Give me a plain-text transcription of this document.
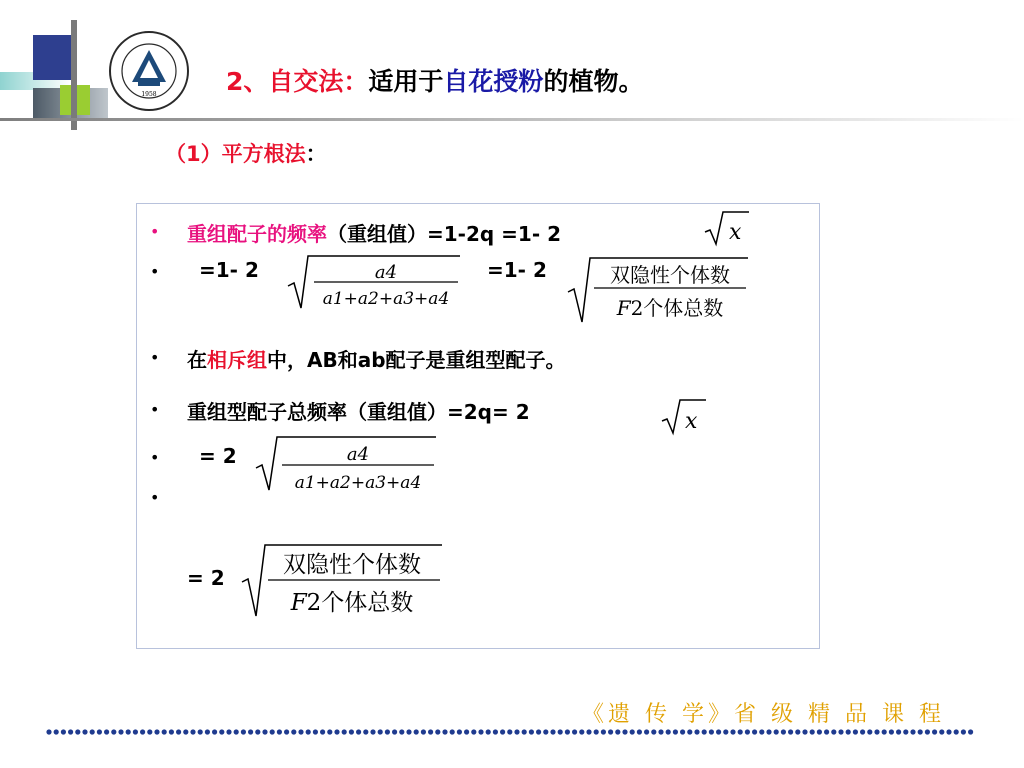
1958	2、自交法：适用于自花授粉的植物。
（1）平方根法：
• 重组配子的频率（重组值）=1-2q =1- 2	x
• =1- 2	a4
a1+a2+a3+a4
=1- 2	双隐性个体数
F2个体总数
• 在相斥组中，AB和ab配子是重组型配子。
• 重组型配子总频率（重组值）=2q= 2	x
• = 2	a4
a1+a2+a3+a4
•
= 2	双隐性个体数
F2个体总数
《遗 传 学》省 级 精 品 课 程
